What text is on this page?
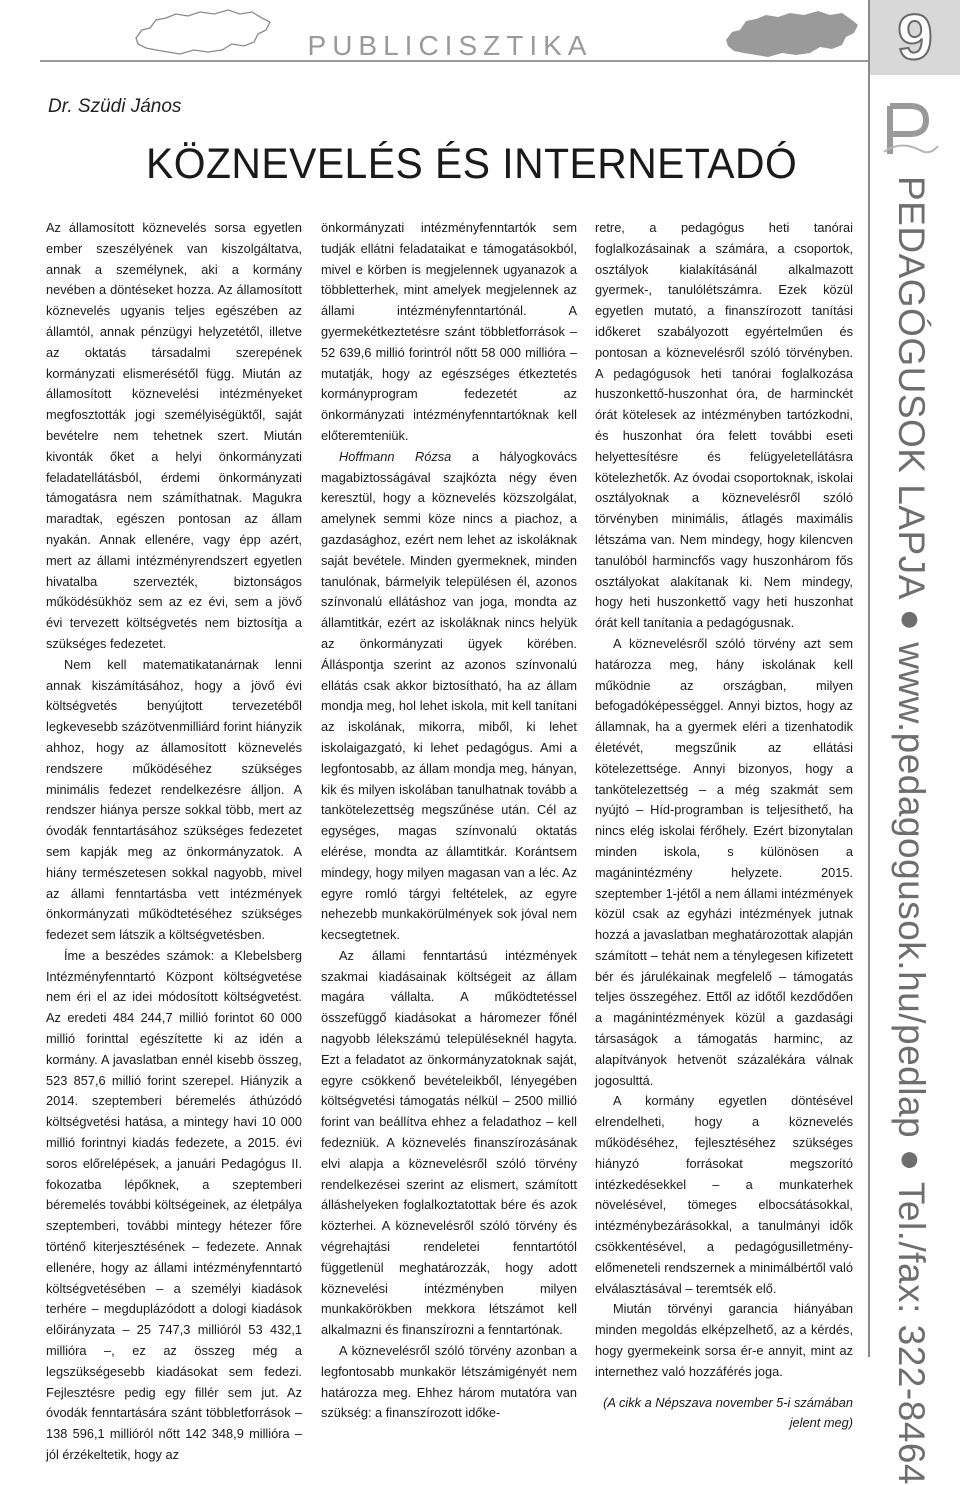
PUBLICISZTIKA	9
PEDAGÓGUSOK LAPJA ● www.pedagogusok.hu/pedlap ● Tel./fax: 322-8464
Dr. Szüdi János
KÖZNEVELÉS ÉS INTERNETADÓ

Az államosított köznevelés sorsa egyetlen ember szeszélyének van kiszolgáltatva, annak a személynek, aki a kormány nevében a döntéseket hozza. Az államosított köznevelés ugyanis teljes egészében az államtól, annak pénzügyi helyzetétől, illetve az oktatás társadalmi szerepének kormányzati elismerésétől függ. Miután az államosított köznevelési intézményeket megfosztották jogi személyiségüktől, saját bevételre nem tehetnek szert. Miután kivonták őket a helyi önkormányzati feladatellátásból, érdemi önkormányzati támogatásra nem számíthatnak. Magukra maradtak, egészen pontosan az állam nyakán. Annak ellenére, vagy épp azért, mert az állami intézményrendszert egyetlen hivatalba szervezték, biztonságos működésükhöz sem az ez évi, sem a jövő évi tervezett költségvetés nem biztosítja a szükséges fedezetet.

Nem kell matematikatanárnak lenni annak kiszámításához, hogy a jövő évi költségvetés benyújtott tervezetéből legkevesebb százötvenmilliárd forint hiányzik ahhoz, hogy az államosított köznevelés rendszere működéséhez szükséges minimális fedezet rendelkezésre álljon. A rendszer hiánya persze sokkal több, mert az óvodák fenntartásához szükséges fedezetet sem kapják meg az önkormányzatok. A hiány természetesen sokkal nagyobb, mivel az állami fenntartásba vett intézmények önkormányzati működtetéséhez szükséges fedezet sem látszik a költségvetésben.

Íme a beszédes számok: a Klebelsberg Intézményfenntartó Központ költségvetése nem éri el az idei módosított költségvetést. Az eredeti 484 244,7 millió forintot 60 000 millió forinttal egészítette ki az idén a kormány. A javaslatban ennél kisebb összeg, 523 857,6 millió forint szerepel. Hiányzik a 2014. szeptemberi béremelés áthúzódó költségvetési hatása, a mintegy havi 10 000 millió forintnyi kiadás fedezete, a 2015. évi soros előrelépések, a januári Pedagógus II. fokozatba lépőknek, a szeptemberi béremelés további költségeinek, az életpálya szeptemberi, további mintegy hétezer főre történő kiterjesztésének – fedezete. Annak ellenére, hogy az állami intézményfenntartó költségvetésében – a személyi kiadások terhére – megduplázódott a dologi kiadások előirányzata – 25 747,3 millióról 53 432,1 millióra –, ez az összeg még a legszükségesebb kiadásokat sem fedezi. Fejlesztésre pedig egy fillér sem jut. Az óvodák fenntartására szánt többletforrások – 138 596,1 millióról nőtt 142 348,9 millióra – jól érzékeltetik, hogy az

önkormányzati intézményfenntartók sem tudják ellátni feladataikat e támogatásokból, mivel e körben is megjelennek ugyanazok a többletterhek, mint amelyek megjelennek az állami intézményfenntartónál. A gyermekétkeztetésre szánt többletforrások – 52 639,6 millió forintról nőtt 58 000 millióra – mutatják, hogy az egészséges étkeztetés kormányprogram fedezetét az önkormányzati intézményfenntartóknak kell előteremteniük.

Hoffmann Rózsa a hályogkovács magabiztosságával szajkózta négy éven keresztül, hogy a köznevelés közszolgálat, amelynek semmi köze nincs a piachoz, a gazdasághoz, ezért nem lehet az iskoláknak saját bevétele. Minden gyermeknek, minden tanulónak, bármelyik településen él, azonos színvonalú ellátáshoz van joga, mondta az államtitkár, ezért az iskoláknak nincs helyük az önkormányzati ügyek körében. Álláspontja szerint az azonos színvonalú ellátás csak akkor biztosítható, ha az állam mondja meg, hol lehet iskola, mit kell tanítani az iskolának, mikorra, miből, ki lehet iskolaigazgató, ki lehet pedagógus. Ami a legfontosabb, az állam mondja meg, hányan, kik és milyen iskolában tanulhatnak tovább a tankötelezettség megszűnése után. Cél az egységes, magas színvonalú oktatás elérése, mondta az államtitkár. Korántsem mindegy, hogy milyen magasan van a léc. Az egyre romló tárgyi feltételek, az egyre nehezebb munkakörülmények sok jóval nem kecsegtetnek.

Az állami fenntartású intézmények szakmai kiadásainak költségeit az állam magára vállalta. A működtetéssel összefüggő kiadásokat a háromezer főnél nagyobb lélekszámú településeknél hagyta. Ezt a feladatot az önkormányzatoknak saját, egyre csökkenő bevételeikből, lényegében költségvetési támogatás nélkül – 2500 millió forint van beállítva ehhez a feladathoz – kell fedezniük. A köznevelés finanszírozásának elvi alapja a köznevelésről szóló törvény rendelkezései szerint az elismert, számított álláshelyeken foglalkoztatottak bére és azok közterhei. A köznevelésről szóló törvény és végrehajtási rendeletei fenntartótól függetlenül meghatározzák, hogy adott köznevelési intézményben milyen munkakörökben mekkora létszámot kell alkalmazni és finanszírozni a fenntartónak.

A köznevelésről szóló törvény azonban a legfontosabb munkakör létszámigényét nem határozza meg. Ehhez három mutatóra van szükség: a finanszírozott időke-

retre, a pedagógus heti tanórai foglalkozásainak a számára, a csoportok, osztályok kialakításánál alkalmazott gyermek-, tanulólétszámra. Ezek közül egyetlen mutató, a finanszírozott tanítási időkeret szabályozott egyértelműen és pontosan a köznevelésről szóló törvényben. A pedagógusok heti tanórai foglalkozása huszonkettő-huszonhat óra, de harminckét órát kötelesek az intézményben tartózkodni, és huszonhat óra felett további eseti helyettesítésre és felügyeletellátásra kötelezhetők. Az óvodai csoportoknak, iskolai osztályoknak a köznevelésről szóló törvényben minimális, átlagés maximális létszáma van. Nem mindegy, hogy kilencven tanulóból harmincfős vagy huszonhárom fős osztályokat alakítanak ki. Nem mindegy, hogy heti huszonkettő vagy heti huszonhat órát kell tanítania a pedagógusnak.

A köznevelésről szóló törvény azt sem határozza meg, hány iskolának kell működnie az országban, milyen befogadóképességgel. Annyi biztos, hogy az államnak, ha a gyermek eléri a tizenhatodik életévét, megszűnik az ellátási kötelezettsége. Annyi bizonyos, hogy a tankötelezettség – a még szakmát sem nyújtó – Híd-programban is teljesíthető, ha nincs elég iskolai férőhely. Ezért bizonytalan minden iskola, s különösen a magánintézmény helyzete. 2015. szeptember 1-jétől a nem állami intézmények közül csak az egyházi intézmények jutnak hozzá a javaslatban meghatározottak alapján számított – tehát nem a ténylegesen kifizetett bér és járulékainak megfelelő – támogatás teljes összegéhez. Ettől az időtől kezdődően a magánintézmények közül a gazdasági társaságok a támogatás harminc, az alapítványok hetvenöt százalékára válnak jogosulttá.

A kormány egyetlen döntésével elrendelheti, hogy a köznevelés működéséhez, fejlesztéséhez szükséges hiányzó forrásokat megszorító intézkedésekkel – a munkaterhek növelésével, tömeges elbocsátásokkal, intézménybezárásokkal, a tanulmányi idők csökkentésével, a pedagógusilletmény-előmeneteli rendszernek a minimálbértől való elválasztásával – teremtsék elő.

Miután törvényi garancia hiányában minden megoldás elképzelhető, az a kérdés, hogy gyermekeink sorsa ér-e annyit, mint az internethez való hozzáférés joga.

(A cikk a Népszava november 5-i számában jelent meg)
